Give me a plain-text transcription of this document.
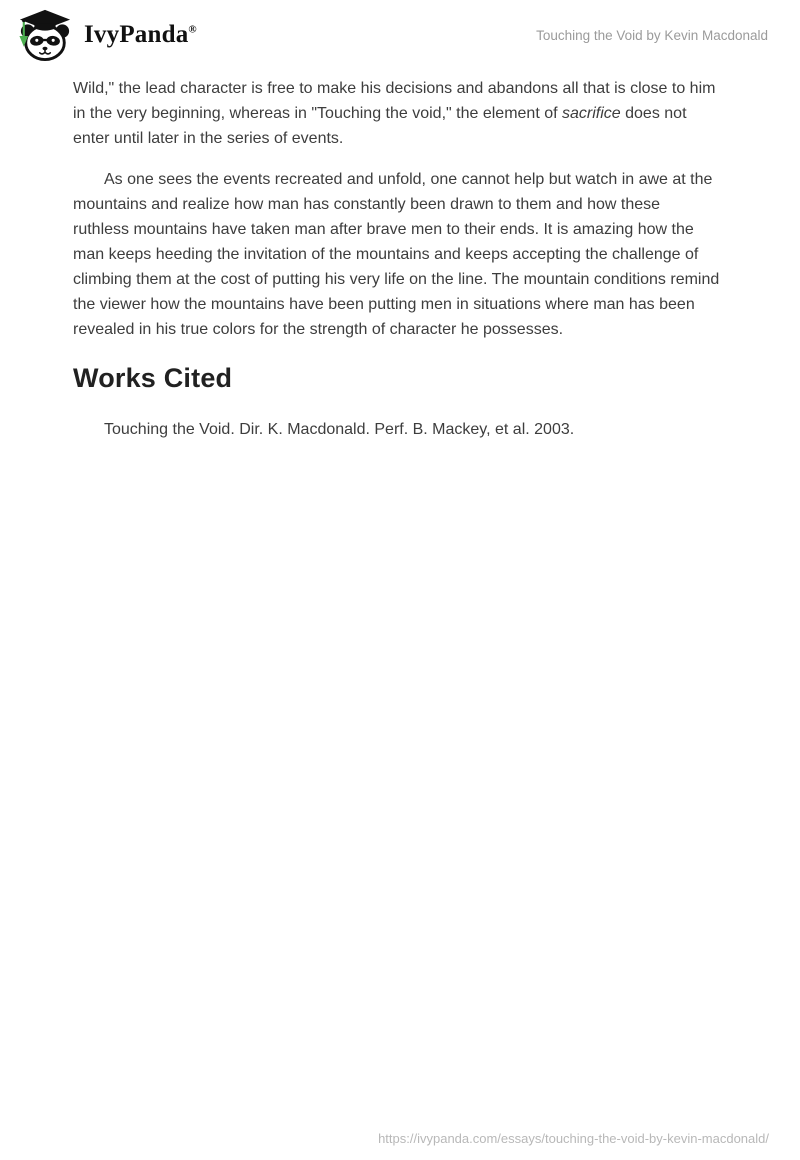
IvyPanda®	Touching the Void by Kevin Macdonald

Wild," the lead character is free to make his decisions and abandons all that is close to him in the very beginning, whereas in "Touching the void," the element of sacrifice does not enter until later in the series of events.

As one sees the events recreated and unfold, one cannot help but watch in awe at the mountains and realize how man has constantly been drawn to them and how these ruthless mountains have taken man after brave men to their ends. It is amazing how the man keeps heeding the invitation of the mountains and keeps accepting the challenge of climbing them at the cost of putting his very life on the line. The mountain conditions remind the viewer how the mountains have been putting men in situations where man has been revealed in his true colors for the strength of character he possesses.

Works Cited

Touching the Void. Dir. K. Macdonald. Perf. B. Mackey, et al. 2003.

https://ivypanda.com/essays/touching-the-void-by-kevin-macdonald/
